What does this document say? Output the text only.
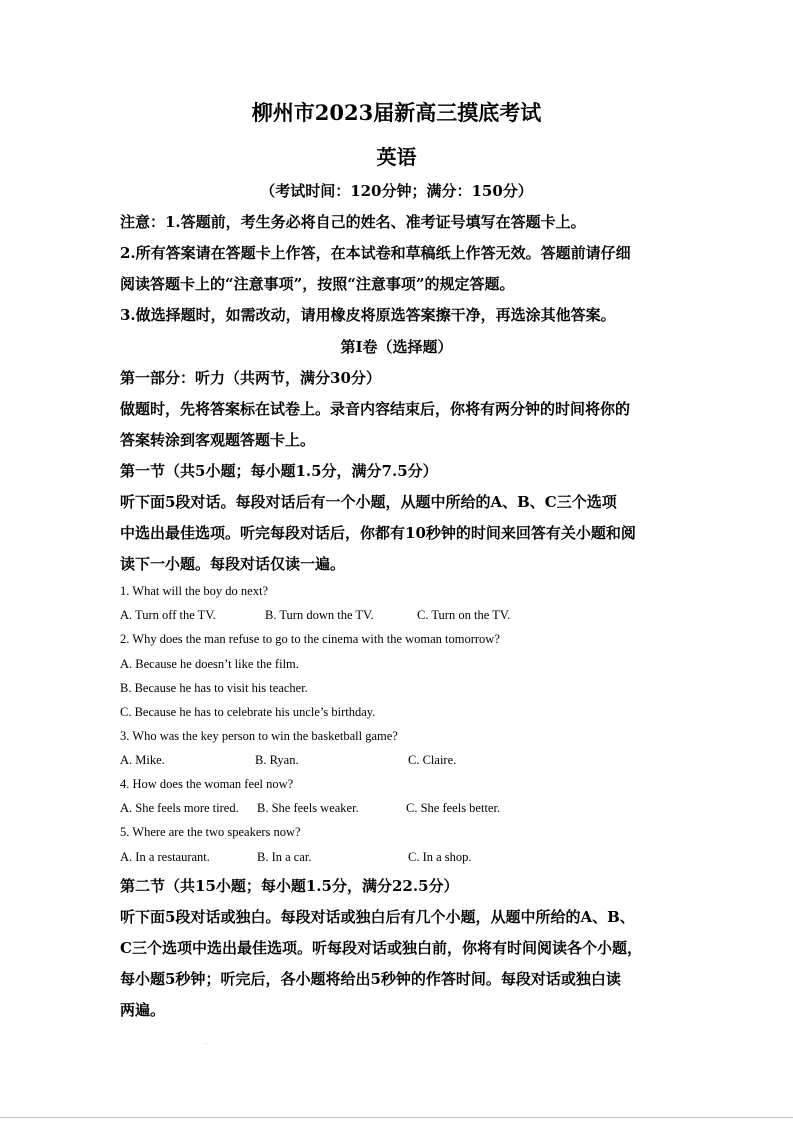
柳州市2023届新高三摸底考试
英语
（考试时间：120分钟；满分：150分）
注意：1.答题前，考生务必将自己的姓名、准考证号填写在答题卡上。
2.所有答案请在答题卡上作答，在本试卷和草稿纸上作答无效。答题前请仔细
阅读答题卡上的“注意事项”，按照“注意事项”的规定答题。
3.做选择题时，如需改动，请用橡皮将原选答案擦干净，再选涂其他答案。
第Ⅰ卷（选择题）
第一部分：听力（共两节，满分30分）
做题时，先将答案标在试卷上。录音内容结束后，你将有两分钟的时间将你的
答案转涂到客观题答题卡上。
第一节（共5小题；每小题1.5分，满分7.5分）
听下面5段对话。每段对话后有一个小题，从题中所给的A、B、C三个选项
中选出最佳选项。听完每段对话后，你都有10秒钟的时间来回答有关小题和阅
读下一小题。每段对话仅读一遍。
1. What will the boy do next?
A. Turn off the TV.	B. Turn down the TV.	C. Turn on the TV.
2. Why does the man refuse to go to the cinema with the woman tomorrow?
A. Because he doesn’t like the film.
B. Because he has to visit his teacher.
C. Because he has to celebrate his uncle’s birthday.
3. Who was the key person to win the basketball game?
A. Mike.	B. Ryan.	C. Claire.
4. How does the woman feel now?
A. She feels more tired. B. She feels weaker.	C. She feels better.
5. Where are the two speakers now?
A. In a restaurant.	B. In a car.	C. In a shop.
第二节（共15小题；每小题1.5分，满分22.5分）
听下面5段对话或独白。每段对话或独白后有几个小题，从题中所给的A、B、
C三个选项中选出最佳选项。听每段对话或独白前，你将有时间阅读各个小题，
每小题5秒钟；听完后，各小题将给出5秒钟的作答时间。每段对话或独白读
两遍。
